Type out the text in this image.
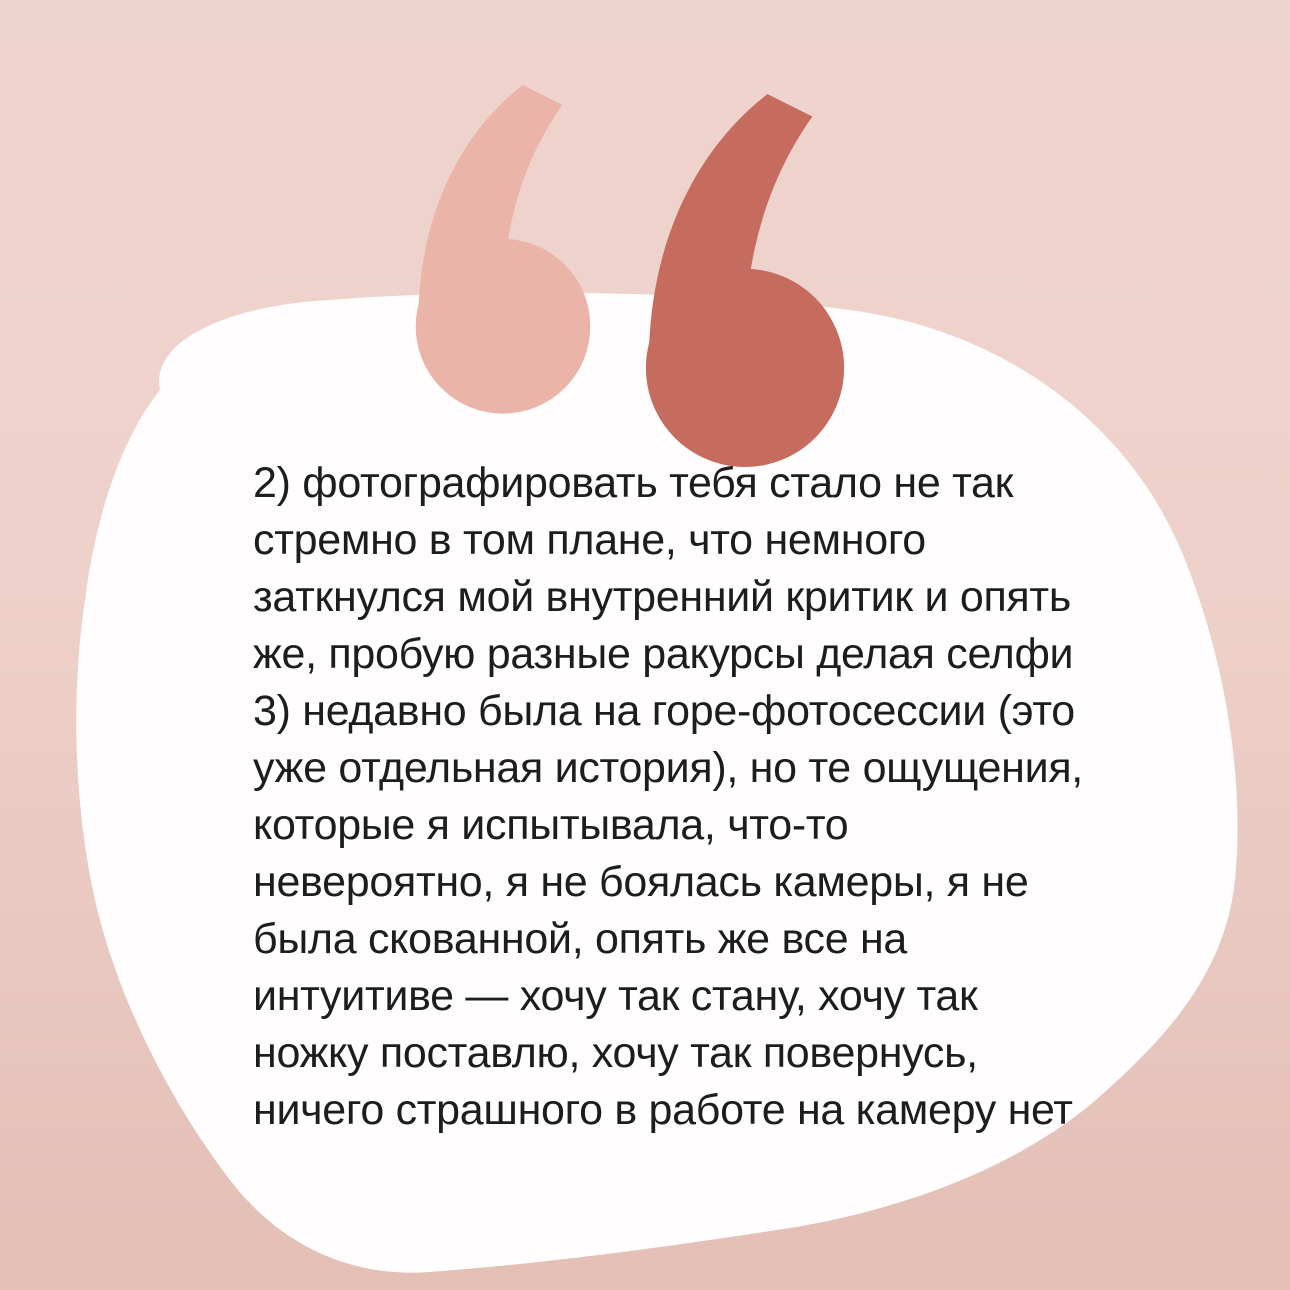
2) фотографировать тебя стало не так
стремно в том плане, что немного
заткнулся мой внутренний критик и опять
же, пробую разные ракурсы делая селфи
3) недавно была на горе-фотосессии (это
уже отдельная история), но те ощущения,
которые я испытывала, что-то
невероятно, я не боялась камеры, я не
была скованной, опять же все на
интуитиве — хочу так стану, хочу так
ножку поставлю, хочу так повернусь,
ничего страшного в работе на камеру нет
